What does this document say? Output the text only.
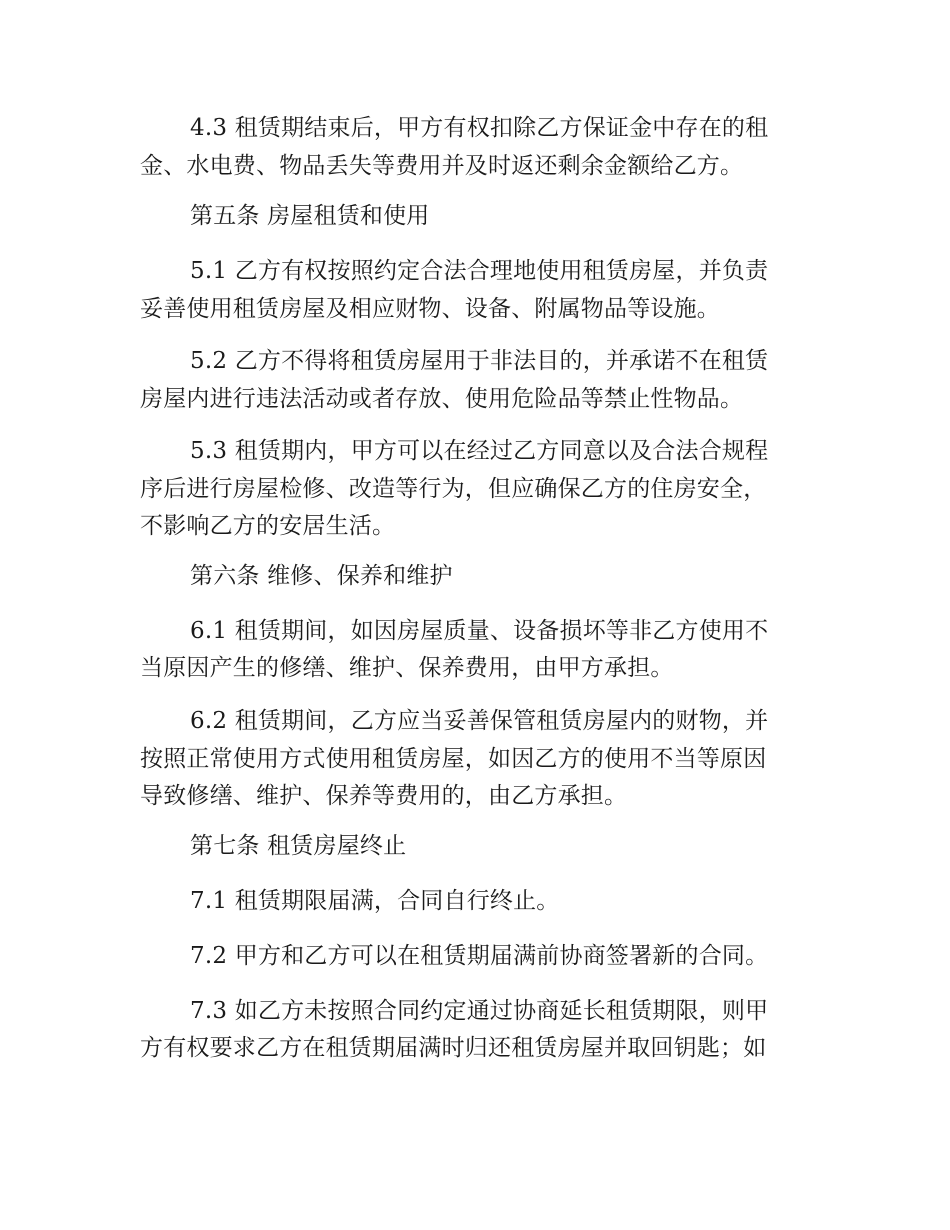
4.3 租赁期结束后，甲方有权扣除乙方保证金中存在的租
金、水电费、物品丢失等费用并及时返还剩余金额给乙方。
第五条 房屋租赁和使用
5.1 乙方有权按照约定合法合理地使用租赁房屋，并负责
妥善使用租赁房屋及相应财物、设备、附属物品等设施。
5.2 乙方不得将租赁房屋用于非法目的，并承诺不在租赁
房屋内进行违法活动或者存放、使用危险品等禁止性物品。
5.3 租赁期内，甲方可以在经过乙方同意以及合法合规程
序后进行房屋检修、改造等行为，但应确保乙方的住房安全，
不影响乙方的安居生活。
第六条 维修、保养和维护
6.1 租赁期间，如因房屋质量、设备损坏等非乙方使用不
当原因产生的修缮、维护、保养费用，由甲方承担。
6.2 租赁期间，乙方应当妥善保管租赁房屋内的财物，并
按照正常使用方式使用租赁房屋，如因乙方的使用不当等原因
导致修缮、维护、保养等费用的，由乙方承担。
第七条 租赁房屋终止
7.1 租赁期限届满，合同自行终止。
7.2 甲方和乙方可以在租赁期届满前协商签署新的合同。
7.3 如乙方未按照合同约定通过协商延长租赁期限，则甲
方有权要求乙方在租赁期届满时归还租赁房屋并取回钥匙；如
